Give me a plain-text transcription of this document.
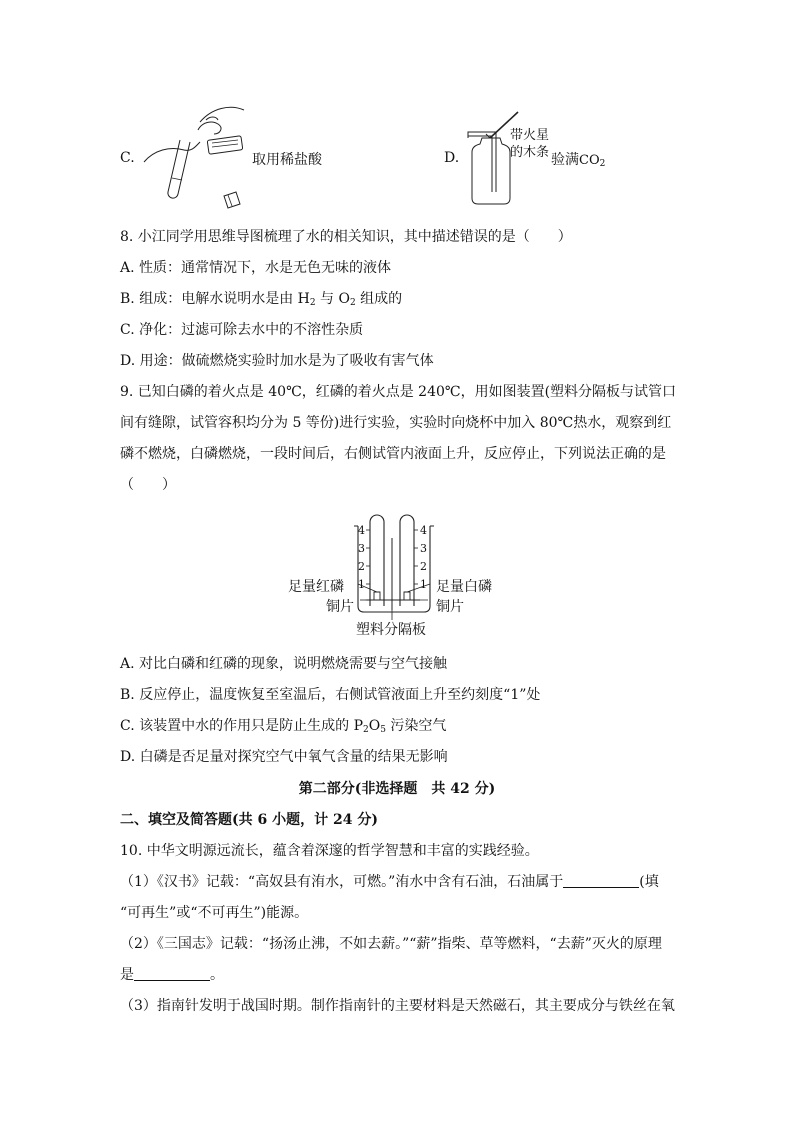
C.	取用稀盐酸	D.
带火星
的木条 验满$CO_2$
8. 小江同学用思维导图梳理了水的相关知识，其中描述错误的是（　　）
A. 性质：通常情况下，水是无色无味的液体
B. 组成：电解水说明水是由 $H_2$ 与 $O_2$ 组成的
C. 净化：过滤可除去水中的不溶性杂质
D. 用途：做硫燃烧实验时加水是为了吸收有害气体
9. 已知白磷的着火点是 40℃，红磷的着火点是 240℃，用如图装置(塑料分隔板与试管口
间有缝隙，试管容积均分为 5 等份)进行实验，实验时向烧杯中加入 80℃热水，观察到红
磷不燃烧，白磷燃烧，一段时间后，右侧试管内液面上升，反应停止，下列说法正确的是
（　　）
4
3
2
1
4
3
2
1
足量红磷	足量白磷
铜片	铜片
塑料分隔板
A. 对比白磷和红磷的现象，说明燃烧需要与空气接触
B. 反应停止，温度恢复至室温后，右侧试管液面上升至约刻度“1”处
C. 该装置中水的作用只是防止生成的 $P_2O_5$ 污染空气
D. 白磷是否足量对探究空气中氧气含量的结果无影响
第二部分(非选择题　共 42 分)
二、填空及简答题(共 6 小题，计 24 分)
10. 中华文明源远流长，蕴含着深邃的哲学智慧和丰富的实践经验。
（1）《汉书》记载：“高奴县有洧水，可燃。”洧水中含有石油，石油属于	(填
“可再生”或“不可再生”)能源。
（2）《三国志》记载：“扬汤止沸，不如去薪。”“薪”指柴、草等燃料，“去薪”灭火的原理
是	。
（3）指南针发明于战国时期。制作指南针的主要材料是天然磁石，其主要成分与铁丝在氧
